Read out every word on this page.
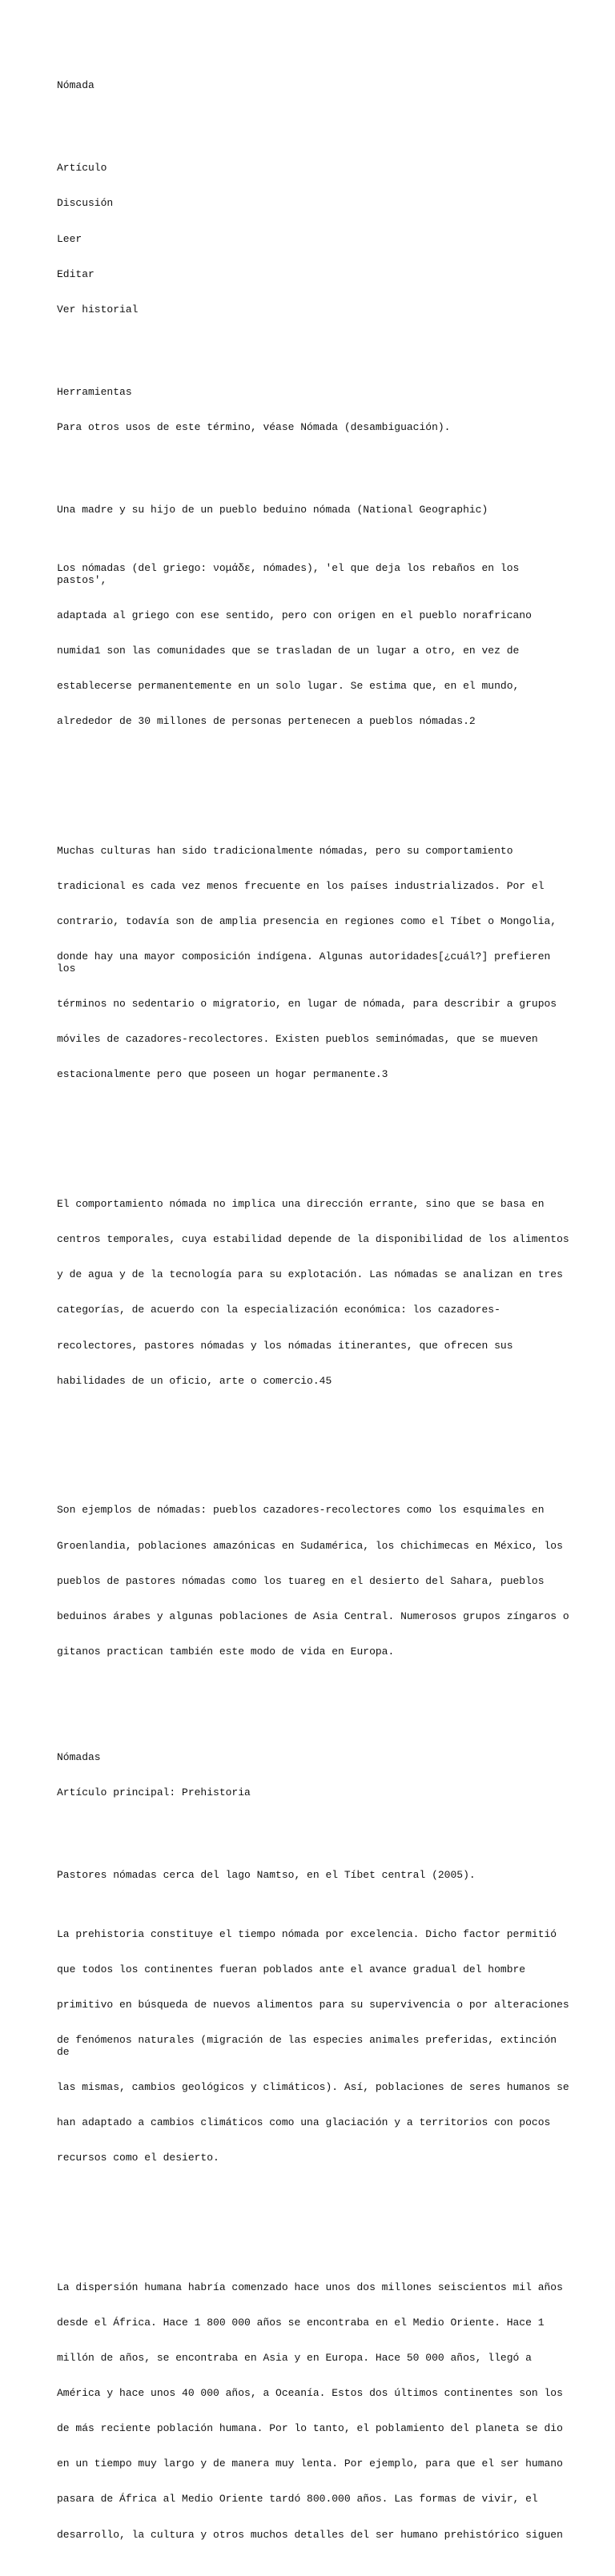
Nómada

Artículo

Discusión

Leer

Editar

Ver historial

Herramientas

Para otros usos de este término, véase Nómada (desambiguación).

Una madre y su hijo de un pueblo beduino nómada (National Geographic)

Los nómadas (del griego: νομάδε, nómades), 'el que deja los rebaños en los pastos',

adaptada al griego con ese sentido, pero con origen en el pueblo norafricano

numida1 son las comunidades que se trasladan de un lugar a otro, en vez de

establecerse permanentemente en un solo lugar. Se estima que, en el mundo,

alrededor de 30 millones de personas pertenecen a pueblos nómadas.2

Muchas culturas han sido tradicionalmente nómadas, pero su comportamiento

tradicional es cada vez menos frecuente en los países industrializados. Por el

contrario, todavía son de amplia presencia en regiones como el Tíbet o Mongolia,

donde hay una mayor composición indígena. Algunas autoridades[¿cuál?] prefieren los

términos no sedentario o migratorio, en lugar de nómada, para describir a grupos

móviles de cazadores-recolectores. Existen pueblos seminómadas, que se mueven

estacionalmente pero que poseen un hogar permanente.3

El comportamiento nómada no implica una dirección errante, sino que se basa en

centros temporales, cuya estabilidad depende de la disponibilidad de los alimentos

y de agua y de la tecnología para su explotación. Las nómadas se analizan en tres

categorías, de acuerdo con la especialización económica: los cazadores-

recolectores, pastores nómadas y los nómadas itinerantes, que ofrecen sus

habilidades de un oficio, arte o comercio.45

Son ejemplos de nómadas: pueblos cazadores-recolectores como los esquimales en

Groenlandia, poblaciones amazónicas en Sudamérica, los chichimecas en México, los

pueblos de pastores nómadas como los tuareg en el desierto del Sahara, pueblos

beduinos árabes y algunas poblaciones de Asia Central. Numerosos grupos zíngaros o

gitanos practican también este modo de vida en Europa.

Nómadas

Artículo principal: Prehistoria

Pastores nómadas cerca del lago Namtso, en el Tíbet central (2005).

La prehistoria constituye el tiempo nómada por excelencia. Dicho factor permitió

que todos los continentes fueran poblados ante el avance gradual del hombre

primitivo en búsqueda de nuevos alimentos para su supervivencia o por alteraciones

de fenómenos naturales (migración de las especies animales preferidas, extinción de

las mismas, cambios geológicos y climáticos). Así, poblaciones de seres humanos se

han adaptado a cambios climáticos como una glaciación y a territorios con pocos

recursos como el desierto.

La dispersión humana habría comenzado hace unos dos millones seiscientos mil años

desde el África. Hace 1 800 000 años se encontraba en el Medio Oriente. Hace 1

millón de años, se encontraba en Asia y en Europa. Hace 50 000 años, llegó a

América y hace unos 40 000 años, a Oceanía. Estos dos últimos continentes son los

de más reciente población humana. Por lo tanto, el poblamiento del planeta se dio

en un tiempo muy largo y de manera muy lenta. Por ejemplo, para que el ser humano

pasara de África al Medio Oriente tardó 800.000 años. Las formas de vivir, el

desarrollo, la cultura y otros muchos detalles del ser humano prehistórico siguen
